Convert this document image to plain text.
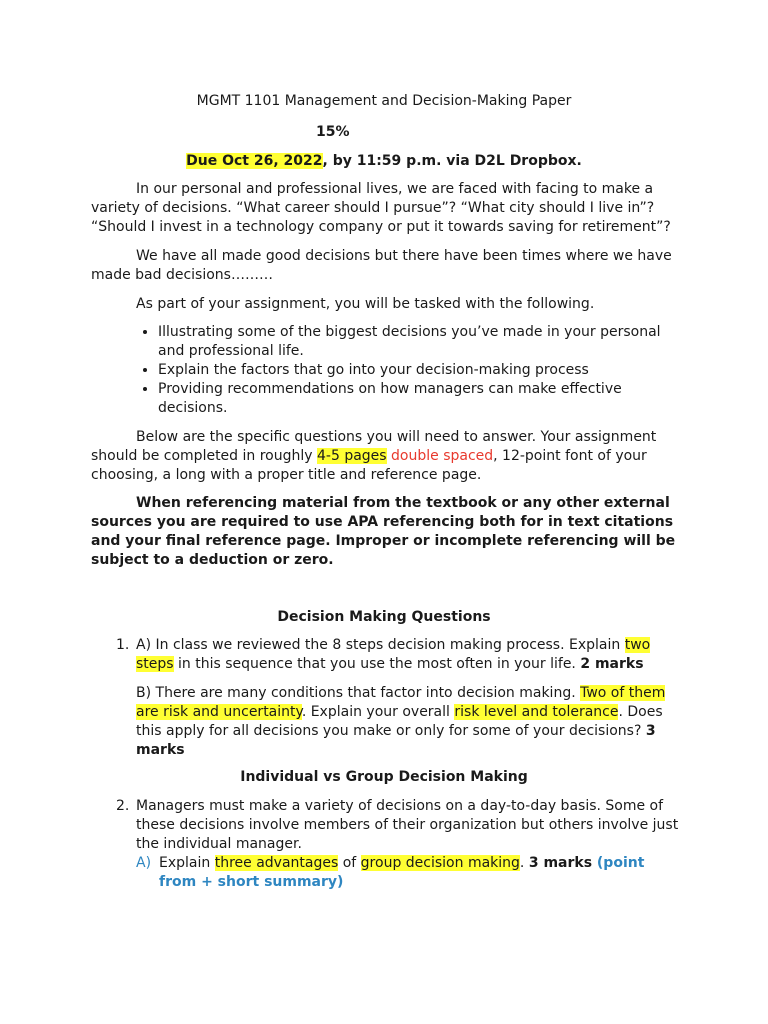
MGMT 1101 Management and Decision-Making Paper

15%

Due Oct 26, 2022, by 11:59 p.m. via D2L Dropbox.

In our personal and professional lives, we are faced with facing to make a

variety of decisions. “What career should I pursue”? “What city should I live in”?

“Should I invest in a technology company or put it towards saving for retirement”?

We have all made good decisions but there have been times where we have

made bad decisions………

As part of your assignment, you will be tasked with the following.

• Illustrating some of the biggest decisions you’ve made in your personal
and professional life.
• Explain the factors that go into your decision-making process
• Providing recommendations on how managers can make effective
decisions.

Below are the specific questions you will need to answer. Your assignment

should be completed in roughly 4-5 pages double spaced, 12-point font of your

choosing, a long with a proper title and reference page.

When referencing material from the textbook or any other external

sources you are required to use APA referencing both for in text citations

and your final reference page. Improper or incomplete referencing will be

subject to a deduction or zero.

Decision Making Questions

1. A) In class we reviewed the 8 steps decision making process. Explain two

steps in this sequence that you use the most often in your life. 2 marks

B) There are many conditions that factor into decision making. Two of them

are risk and uncertainty. Explain your overall risk level and tolerance. Does

this apply for all decisions you make or only for some of your decisions? 3

marks

Individual vs Group Decision Making

2. Managers must make a variety of decisions on a day-to-day basis. Some of

these decisions involve members of their organization but others involve just

the individual manager.

A) Explain three advantages of group decision making. 3 marks (point

from + short summary)
